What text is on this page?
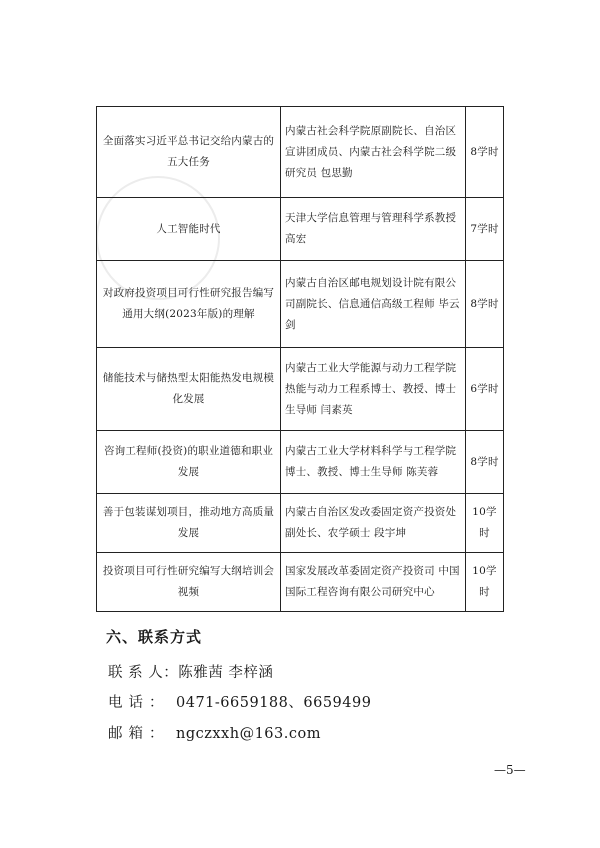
全面落实习近平总书记交给内蒙古的五大任务	内蒙古社会科学院原副院长、自治区宣讲团成员、内蒙古社会科学院二级研究员 包思勤	8学时
人工智能时代	天津大学信息管理与管理科学系教授 高宏	7学时
对政府投资项目可行性研究报告编写通用大纲(2023年版)的理解	内蒙古自治区邮电规划设计院有限公司副院长、信息通信高级工程师 毕云剑	8学时
储能技术与储热型太阳能热发电规模化发展	内蒙古工业大学能源与动力工程学院热能与动力工程系博士、教授、博士生导师 闫素英	6学时
咨询工程师(投资)的职业道德和职业发展	内蒙古工业大学材料科学与工程学院博士、教授、博士生导师 陈芙蓉	8学时
善于包装谋划项目，推动地方高质量发展	内蒙古自治区发改委固定资产投资处副处长、农学硕士 段宇坤	10学时
投资项目可行性研究编写大纲培训会视频	国家发展改革委固定资产投资司 中国国际工程咨询有限公司研究中心	10学时
六、联系方式
联 系 人：陈雅茜 李梓涵
电话： 0471-6659188、6659499
邮箱： ngczxxh@163.com
—5—
